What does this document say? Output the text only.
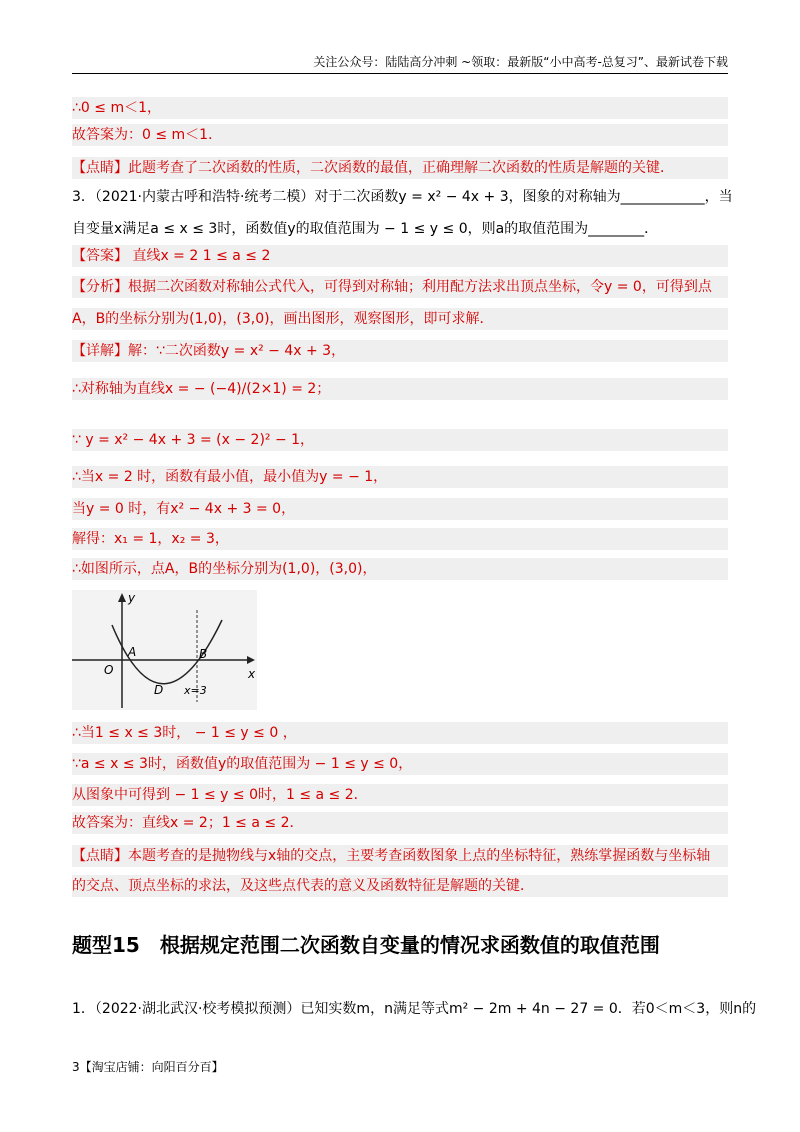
关注公众号：陆陆高分冲刺 ~领取：最新版“小中高考-总复习”、最新试卷下载
∴0 ≤ m＜1，
故答案为：0 ≤ m＜1．
【点睛】此题考查了二次函数的性质，二次函数的最值，正确理解二次函数的性质是解题的关键．
3．（2021·内蒙古呼和浩特·统考二模）对于二次函数y = x² − 4x + 3，图象的对称轴为____________，当
自变量x满足a ≤ x ≤ 3时，函数值y的取值范围为 − 1 ≤ y ≤ 0，则a的取值范围为________．
【答案】 直线x = 2 1 ≤ a ≤ 2
【分析】根据二次函数对称轴公式代入，可得到对称轴；利用配方法求出顶点坐标，令y = 0，可得到点
A，B的坐标分别为(1,0)，(3,0)，画出图形，观察图形，即可求解．
【详解】解：∵二次函数y = x² − 4x + 3，
∴对称轴为直线x = − (−4)/(2×1) = 2；
∵ y = x² − 4x + 3 = (x − 2)² − 1，
∴当x = 2 时，函数有最小值，最小值为y = − 1，
当y = 0 时，有x² − 4x + 3 = 0，
解得：x₁ = 1，x₂ = 3，
∴如图所示，点A，B的坐标分别为(1,0)，(3,0)，
y
x
O
A	B
D x=3
∴当1 ≤ x ≤ 3时， − 1 ≤ y ≤ 0 ，
∵a ≤ x ≤ 3时，函数值y的取值范围为 − 1 ≤ y ≤ 0，
从图象中可得到 − 1 ≤ y ≤ 0时，1 ≤ a ≤ 2．
故答案为：直线x = 2；1 ≤ a ≤ 2．
【点睛】本题考查的是抛物线与x轴的交点，主要考查函数图象上点的坐标特征，熟练掌握函数与坐标轴
的交点、顶点坐标的求法，及这些点代表的意义及函数特征是解题的关键．
题型15　根据规定范围二次函数自变量的情况求函数值的取值范围
1．（2022·湖北武汉·校考模拟预测）已知实数m，n满足等式m² − 2m + 4n − 27 = 0．若0＜m＜3，则n的
3【淘宝店铺：向阳百分百】
